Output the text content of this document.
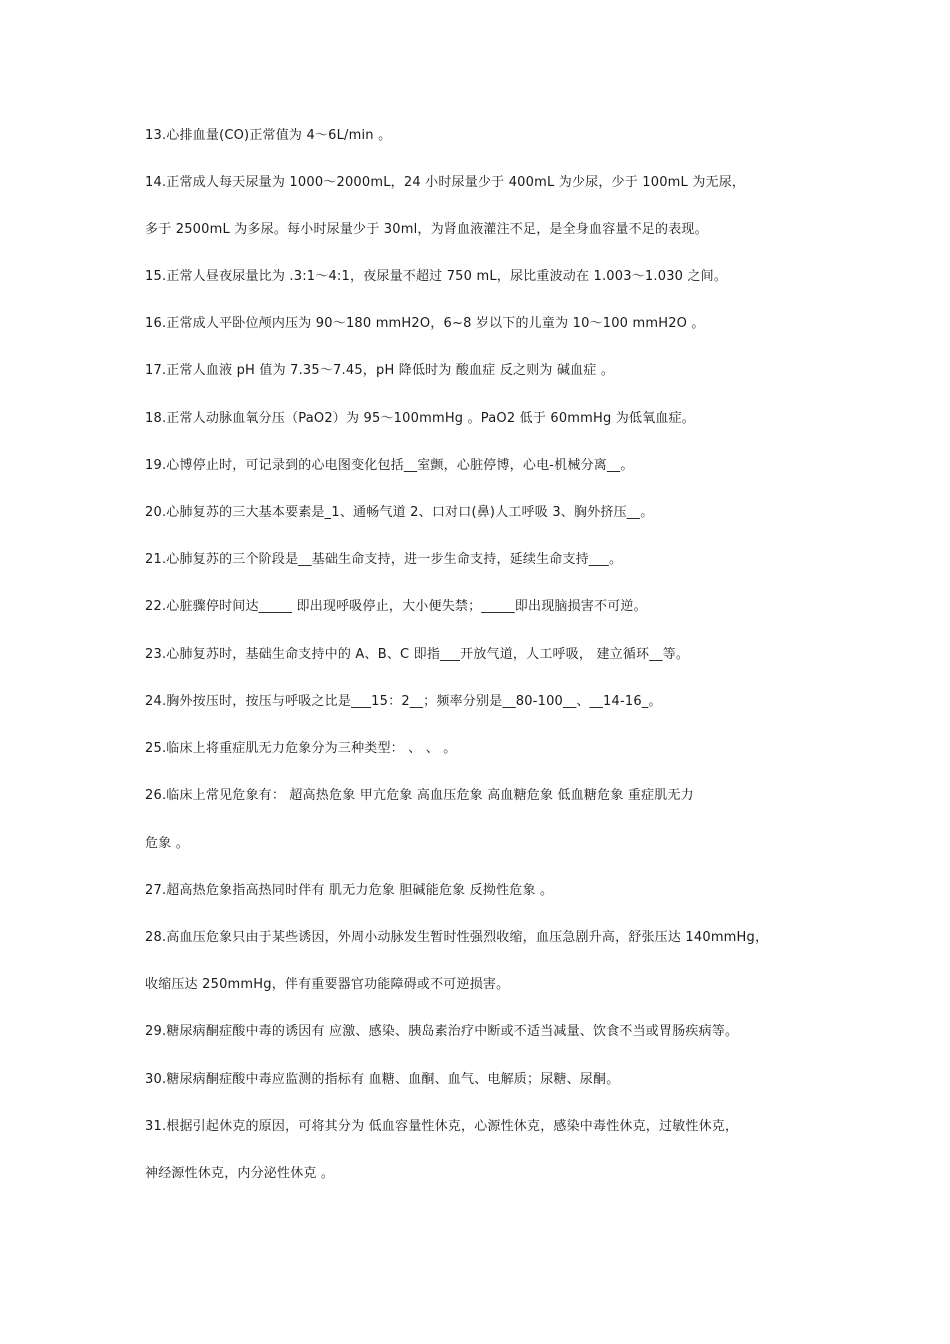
13.心排血量(CO)正常值为 4～6L/min 。
14.正常成人每天尿量为 1000～2000mL，24 小时尿量少于 400mL 为少尿，少于 100mL 为无尿，
多于 2500mL 为多尿。每小时尿量少于 30ml，为肾血液灌注不足，是全身血容量不足的表现。
15.正常人昼夜尿量比为 .3:1～4:1，夜尿量不超过 750 mL，尿比重波动在 1.003～1.030 之间。
16.正常成人平卧位颅内压为 90～180 mmH2O，6~8 岁以下的儿童为 10～100 mmH2O 。
17.正常人血液 pH 值为 7.35～7.45，pH 降低时为 酸血症 反之则为 碱血症 。
18.正常人动脉血氧分压（PaO2）为 95～100mmHg 。PaO2 低于 60mmHg 为低氧血症。
19.心博停止时，可记录到的心电图变化包括__室颤，心脏停博，心电-机械分离__。
20.心肺复苏的三大基本要素是_1、通畅气道 2、口对口(鼻)人工呼吸 3、胸外挤压__。
21.心肺复苏的三个阶段是__基础生命支持，进一步生命支持，延续生命支持___。
22.心脏骤停时间达_____ 即出现呼吸停止，大小便失禁；_____即出现脑损害不可逆。
23.心肺复苏时，基础生命支持中的 A、B、C 即指___开放气道，人工呼吸， 建立循环__等。
24.胸外按压时，按压与呼吸之比是___15：2__；频率分别是__80-100__、__14-16_。
25.临床上将重症肌无力危象分为三种类型： 、 、 。
26.临床上常见危象有： 超高热危象 甲亢危象 高血压危象 高血糖危象 低血糖危象 重症肌无力
危象 。
27.超高热危象指高热同时伴有 肌无力危象 胆碱能危象 反拗性危象 。
28.高血压危象只由于某些诱因，外周小动脉发生暂时性强烈收缩，血压急剧升高，舒张压达 140mmHg，
收缩压达 250mmHg，伴有重要器官功能障碍或不可逆损害。
29.糖尿病酮症酸中毒的诱因有 应激、感染、胰岛素治疗中断或不适当减量、饮食不当或胃肠疾病等。
30.糖尿病酮症酸中毒应监测的指标有 血糖、血酮、血气、电解质；尿糖、尿酮。
31.根据引起休克的原因，可将其分为 低血容量性休克，心源性休克，感染中毒性休克，过敏性休克，
神经源性休克，内分泌性休克 。
